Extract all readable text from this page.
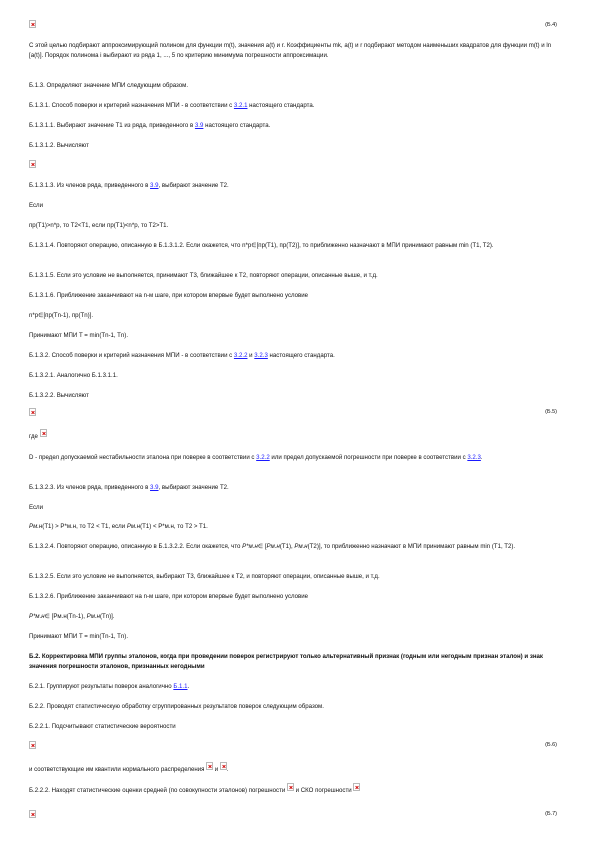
(Б.4)

С этой целью подбирают аппроксимирующий полином для функции m(t), значения a(t) и r. Коэффициенты mk, a(t) и r подбирают методом наименьших квадратов для функции m(t) и ln [a(t)]. Порядок полинома i выбирают из ряда 1, ..., 5 по критерию минимума погрешности аппроксимации.

Б.1.3. Определяют значение МПИ следующим образом.

Б.1.3.1. Способ поверки и критерий назначения МПИ - в соответствии с 3.2.1 настоящего стандарта.

Б.1.3.1.1. Выбирают значение T1 из ряда, приведенного в 3.9 настоящего стандарта.

Б.1.3.1.2. Вычисляют

Б.1.3.1.3. Из членов ряда, приведенного в 3.9, выбирают значение T2.

Если

пр(T1)>n*р, то T2<T1, если пр(T1)<n*р, то T2>T1.

Б.1.3.1.4. Повторяют операцию, описанную в Б.1.3.1.2. Если окажется, что n*р∈[пр(T1), пр(T2)], то приближенно назначают в МПИ принимают равным min (T1, T2).

Б.1.3.1.5. Если это условие не выполняется, принимают T3, ближайшее к T2, повторяют операции, описанные выше, и т.д.

Б.1.3.1.6. Приближение заканчивают на n-м шаге, при котором впервые будет выполнено условие

n*р∈[пр(Tn-1), пр(Tn)].

Принимают МПИ T = min(Tn-1, Tn).

Б.1.3.2. Способ поверки и критерий назначения МПИ - в соответствии с 3.2.2 и 3.2.3 настоящего стандарта.

Б.1.3.2.1. Аналогично Б.1.3.1.1.

Б.1.3.2.2. Вычисляют

(Б.5)

где

D - предел допускаемой нестабильности эталона при поверке в соответствии с 3.2.2 или предел допускаемой погрешности при поверке в соответствии с 3.2.3.

Б.1.3.2.3. Из членов ряда, приведенного в 3.9, выбирают значение T2.

Если

Рм.н(T1) > P*м.н, то T2 < T1, если Рм.н(T1) < P*м.н, то T2 > T1.

Б.1.3.2.4. Повторяют операцию, описанную в Б.1.3.2.2. Если окажется, что P*м.н∈ [Рм.н(T1), Рм.н(T2)], то приближенно назначают в МПИ принимают равным min (T1, T2).

Б.1.3.2.5. Если это условие не выполняется, выбирают T3, ближайшее к T2, и повторяют операции, описанные выше, и т.д.

Б.1.3.2.6. Приближение заканчивают на n-м шаге, при котором впервые будет выполнено условие

P*м.н∈ [Рм.н(Tn-1), Рм.н(Tn)].

Принимают МПИ T = min(Tn-1, Tn).

Б.2. Корректировка МПИ группы эталонов, когда при проведении поверок регистрируют только альтернативный признак (годным или негодным признан эталон) и знак значения погрешности эталонов, признанных негодными

Б.2.1. Группируют результаты поверок аналогично Б.1.1.

Б.2.2. Проводят статистическую обработку сгруппированных результатов поверок следующим образом.

Б.2.2.1. Подсчитывают статистические вероятности

(Б.6)

и соответствующие им квантили нормального распределения  и .

Б.2.2.2. Находят статистические оценки средней (по совокупности эталонов) погрешности  и СКО погрешности

(Б.7)
